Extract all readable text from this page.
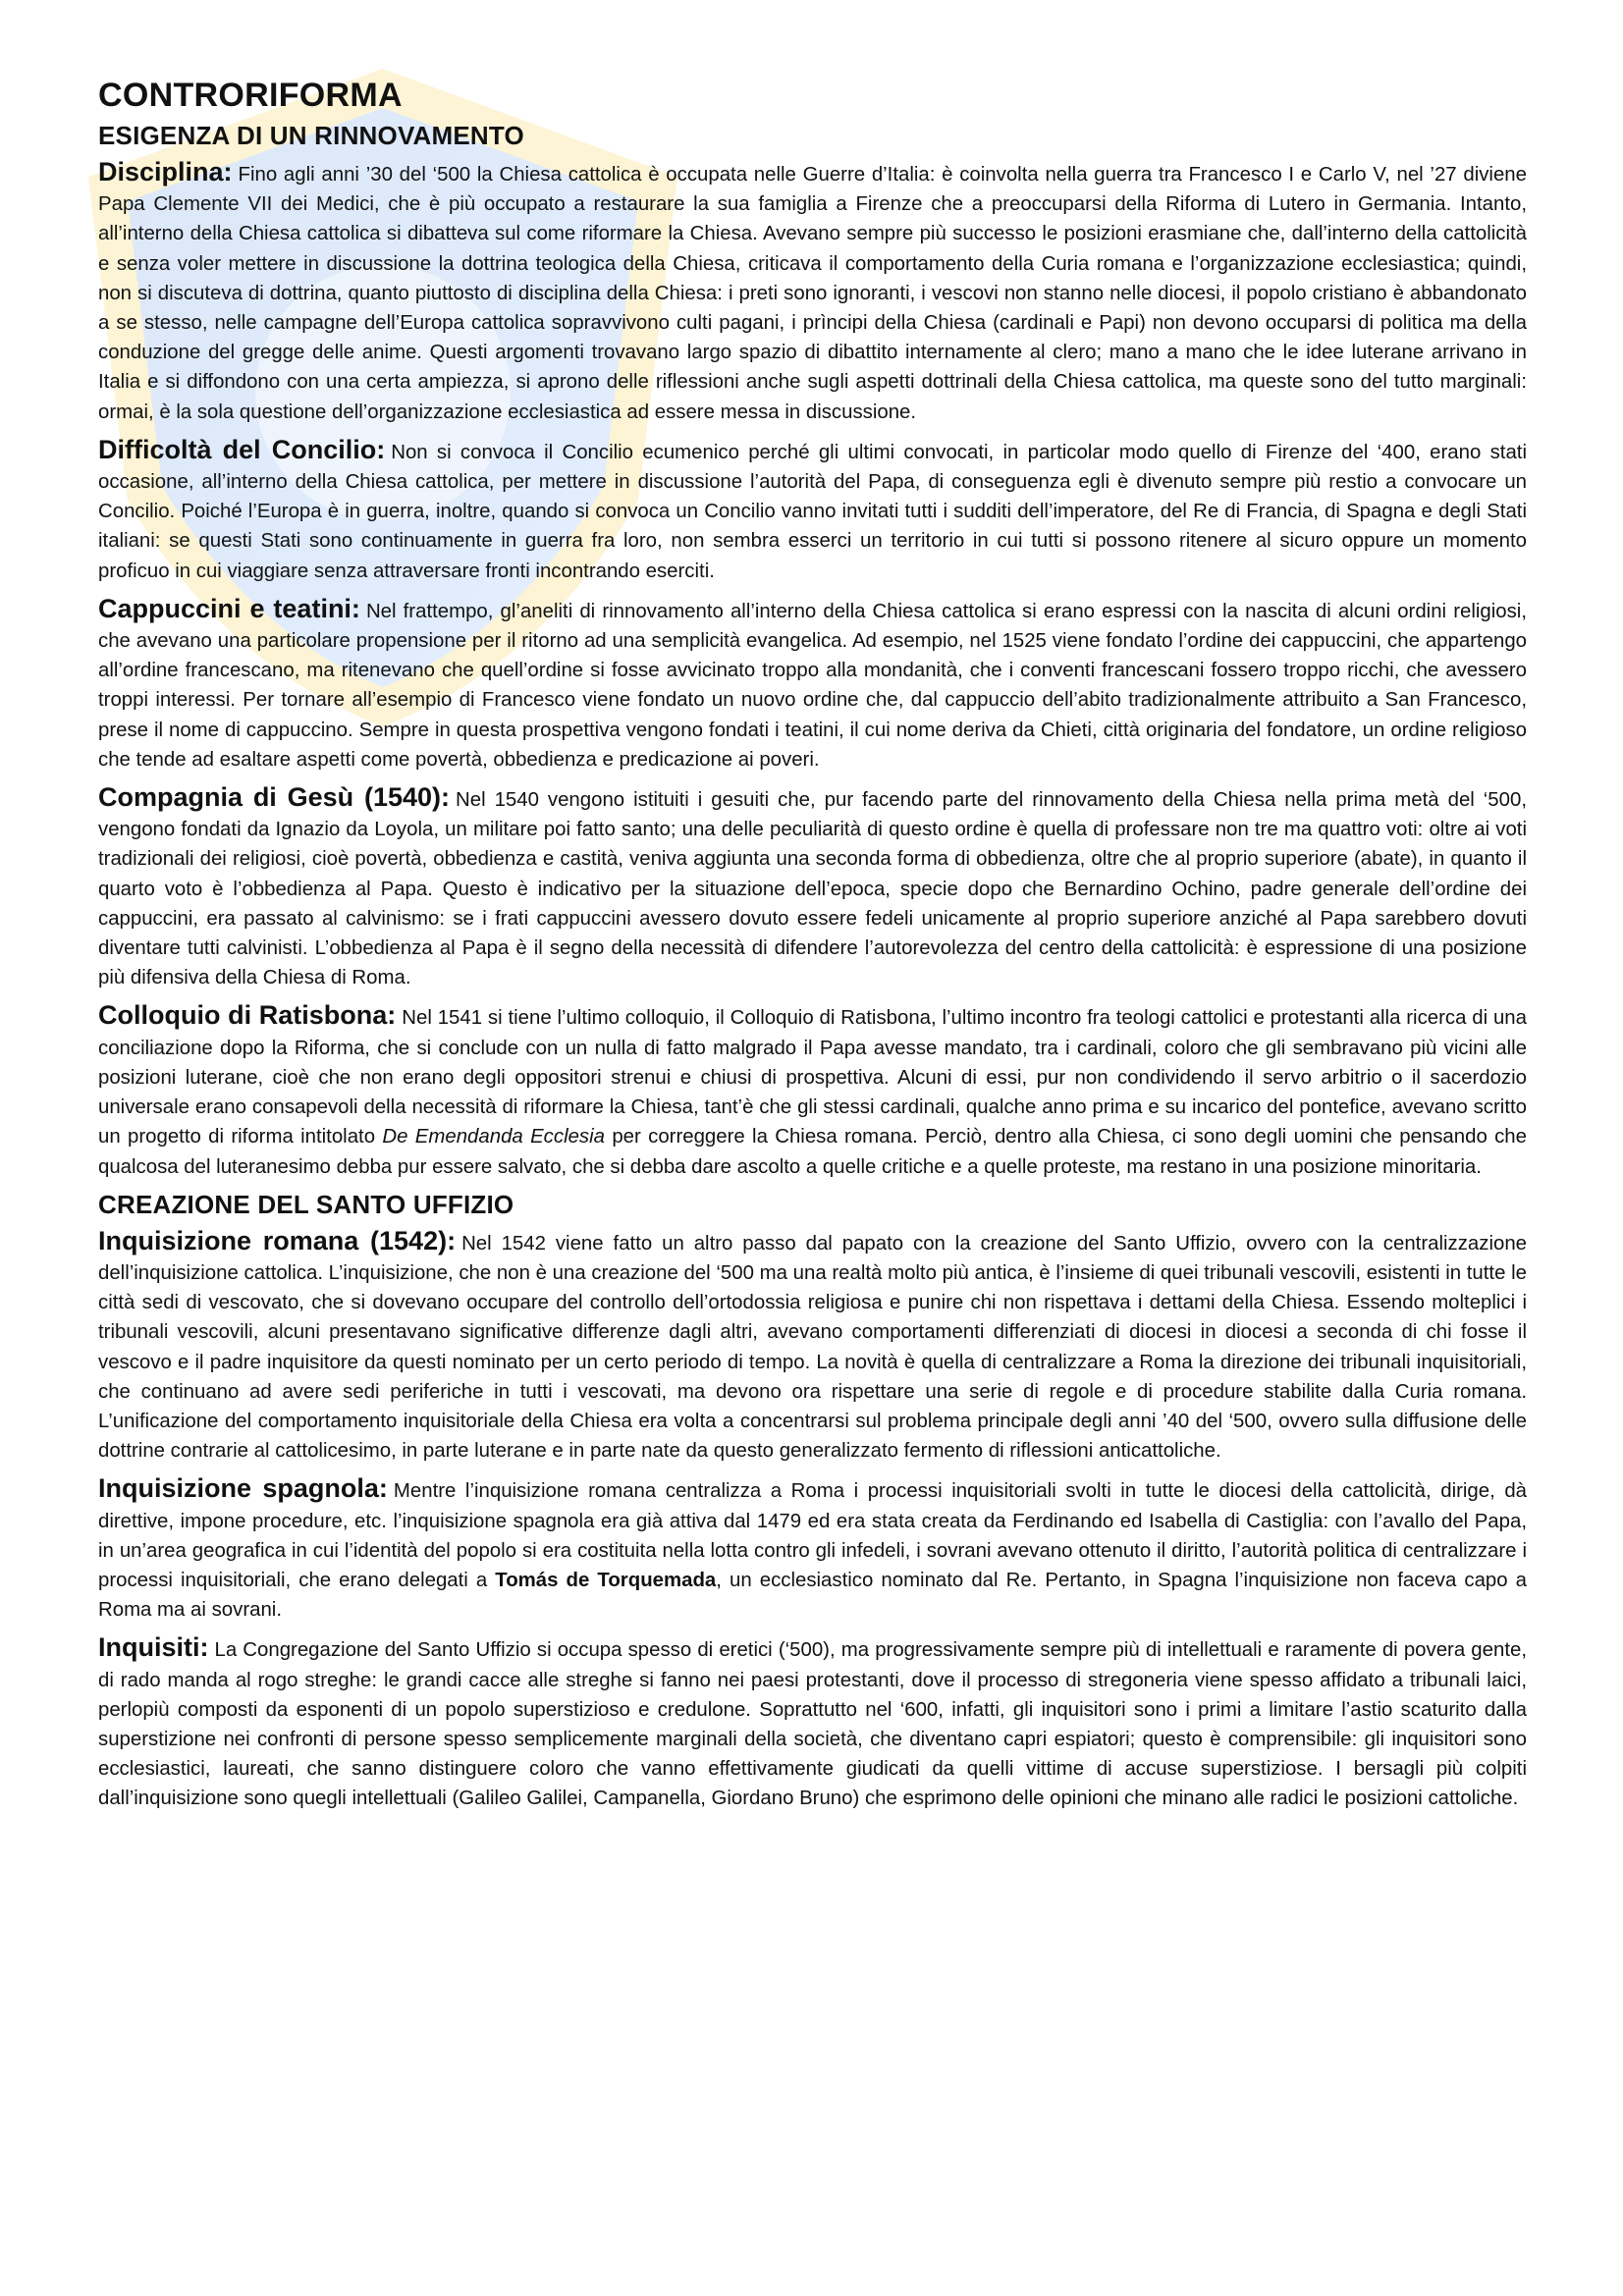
CONTRORIFORMA
ESIGENZA DI UN RINNOVAMENTO

Disciplina: Fino agli anni ’30 del ‘500 la Chiesa cattolica è occupata nelle Guerre d’Italia: è coinvolta nella guerra tra Francesco I e Carlo V, nel ’27 diviene Papa Clemente VII dei Medici, che è più occupato a restaurare la sua famiglia a Firenze che a preoccuparsi della Riforma di Lutero in Germania. Intanto, all’interno della Chiesa cattolica si dibatteva sul come riformare la Chiesa. Avevano sempre più successo le posizioni erasmiane che, dall’interno della cattolicità e senza voler mettere in discussione la dottrina teologica della Chiesa, criticava il comportamento della Curia romana e l’organizzazione ecclesiastica; quindi, non si discuteva di dottrina, quanto piuttosto di disciplina della Chiesa: i preti sono ignoranti, i vescovi non stanno nelle diocesi, il popolo cristiano è abbandonato a se stesso, nelle campagne dell’Europa cattolica sopravvivono culti pagani, i prìncipi della Chiesa (cardinali e Papi) non devono occuparsi di politica ma della conduzione del gregge delle anime. Questi argomenti trovavano largo spazio di dibattito internamente al clero; mano a mano che le idee luterane arrivano in Italia e si diffondono con una certa ampiezza, si aprono delle riflessioni anche sugli aspetti dottrinali della Chiesa cattolica, ma queste sono del tutto marginali: ormai, è la sola questione dell’organizzazione ecclesiastica ad essere messa in discussione.

Difficoltà del Concilio: Non si convoca il Concilio ecumenico perché gli ultimi convocati, in particolar modo quello di Firenze del ‘400, erano stati occasione, all’interno della Chiesa cattolica, per mettere in discussione l’autorità del Papa, di conseguenza egli è divenuto sempre più restio a convocare un Concilio. Poiché l’Europa è in guerra, inoltre, quando si convoca un Concilio vanno invitati tutti i sudditi dell’imperatore, del Re di Francia, di Spagna e degli Stati italiani: se questi Stati sono continuamente in guerra fra loro, non sembra esserci un territorio in cui tutti si possono ritenere al sicuro oppure un momento proficuo in cui viaggiare senza attraversare fronti incontrando eserciti.

Cappuccini e teatini: Nel frattempo, gl’aneliti di rinnovamento all’interno della Chiesa cattolica si erano espressi con la nascita di alcuni ordini religiosi, che avevano una particolare propensione per il ritorno ad una semplicità evangelica. Ad esempio, nel 1525 viene fondato l’ordine dei cappuccini, che appartengo all’ordine francescano, ma ritenevano che quell’ordine si fosse avvicinato troppo alla mondanità, che i conventi francescani fossero troppo ricchi, che avessero troppi interessi. Per tornare all’esempio di Francesco viene fondato un nuovo ordine che, dal cappuccio dell’abito tradizionalmente attribuito a San Francesco, prese il nome di cappuccino. Sempre in questa prospettiva vengono fondati i teatini, il cui nome deriva da Chieti, città originaria del fondatore, un ordine religioso che tende ad esaltare aspetti come povertà, obbedienza e predicazione ai poveri.

Compagnia di Gesù (1540): Nel 1540 vengono istituiti i gesuiti che, pur facendo parte del rinnovamento della Chiesa nella prima metà del ‘500, vengono fondati da Ignazio da Loyola, un militare poi fatto santo; una delle peculiarità di questo ordine è quella di professare non tre ma quattro voti: oltre ai voti tradizionali dei religiosi, cioè povertà, obbedienza e castità, veniva aggiunta una seconda forma di obbedienza, oltre che al proprio superiore (abate), in quanto il quarto voto è l’obbedienza al Papa. Questo è indicativo per la situazione dell’epoca, specie dopo che Bernardino Ochino, padre generale dell’ordine dei cappuccini, era passato al calvinismo: se i frati cappuccini avessero dovuto essere fedeli unicamente al proprio superiore anziché al Papa sarebbero dovuti diventare tutti calvinisti. L’obbedienza al Papa è il segno della necessità di difendere l’autorevolezza del centro della cattolicità: è espressione di una posizione più difensiva della Chiesa di Roma.

Colloquio di Ratisbona: Nel 1541 si tiene l’ultimo colloquio, il Colloquio di Ratisbona, l’ultimo incontro fra teologi cattolici e protestanti alla ricerca di una conciliazione dopo la Riforma, che si conclude con un nulla di fatto malgrado il Papa avesse mandato, tra i cardinali, coloro che gli sembravano più vicini alle posizioni luterane, cioè che non erano degli oppositori strenui e chiusi di prospettiva. Alcuni di essi, pur non condividendo il servo arbitrio o il sacerdozio universale erano consapevoli della necessità di riformare la Chiesa, tant’è che gli stessi cardinali, qualche anno prima e su incarico del pontefice, avevano scritto un progetto di riforma intitolato De Emendanda Ecclesia per correggere la Chiesa romana. Perciò, dentro alla Chiesa, ci sono degli uomini che pensando che qualcosa del luteranesimo debba pur essere salvato, che si debba dare ascolto a quelle critiche e a quelle proteste, ma restano in una posizione minoritaria.

CREAZIONE DEL SANTO UFFIZIO

Inquisizione romana (1542): Nel 1542 viene fatto un altro passo dal papato con la creazione del Santo Uffizio, ovvero con la centralizzazione dell’inquisizione cattolica. L’inquisizione, che non è una creazione del ‘500 ma una realtà molto più antica, è l’insieme di quei tribunali vescovili, esistenti in tutte le città sedi di vescovato, che si dovevano occupare del controllo dell’ortodossia religiosa e punire chi non rispettava i dettami della Chiesa. Essendo molteplici i tribunali vescovili, alcuni presentavano significative differenze dagli altri, avevano comportamenti differenziati di diocesi in diocesi a seconda di chi fosse il vescovo e il padre inquisitore da questi nominato per un certo periodo di tempo. La novità è quella di centralizzare a Roma la direzione dei tribunali inquisitoriali, che continuano ad avere sedi periferiche in tutti i vescovati, ma devono ora rispettare una serie di regole e di procedure stabilite dalla Curia romana. L’unificazione del comportamento inquisitoriale della Chiesa era volta a concentrarsi sul problema principale degli anni ’40 del ‘500, ovvero sulla diffusione delle dottrine contrarie al cattolicesimo, in parte luterane e in parte nate da questo generalizzato fermento di riflessioni anticattoliche.

Inquisizione spagnola: Mentre l’inquisizione romana centralizza a Roma i processi inquisitoriali svolti in tutte le diocesi della cattolicità, dirige, dà direttive, impone procedure, etc. l’inquisizione spagnola era già attiva dal 1479 ed era stata creata da Ferdinando ed Isabella di Castiglia: con l’avallo del Papa, in un’area geografica in cui l’identità del popolo si era costituita nella lotta contro gli infedeli, i sovrani avevano ottenuto il diritto, l’autorità politica di centralizzare i processi inquisitoriali, che erano delegati a Tomás de Torquemada, un ecclesiastico nominato dal Re. Pertanto, in Spagna l’inquisizione non faceva capo a Roma ma ai sovrani.

Inquisiti: La Congregazione del Santo Uffizio si occupa spesso di eretici (‘500), ma progressivamente sempre più di intellettuali e raramente di povera gente, di rado manda al rogo streghe: le grandi cacce alle streghe si fanno nei paesi protestanti, dove il processo di stregoneria viene spesso affidato a tribunali laici, perlopiù composti da esponenti di un popolo superstizioso e credulone. Soprattutto nel ‘600, infatti, gli inquisitori sono i primi a limitare l’astio scaturito dalla superstizione nei confronti di persone spesso semplicemente marginali della società, che diventano capri espiatori; questo è comprensibile: gli inquisitori sono ecclesiastici, laureati, che sanno distinguere coloro che vanno effettivamente giudicati da quelli vittime di accuse superstiziose. I bersagli più colpiti dall’inquisizione sono quegli intellettuali (Galileo Galilei, Campanella, Giordano Bruno) che esprimono delle opinioni che minano alle radici le posizioni cattoliche.
